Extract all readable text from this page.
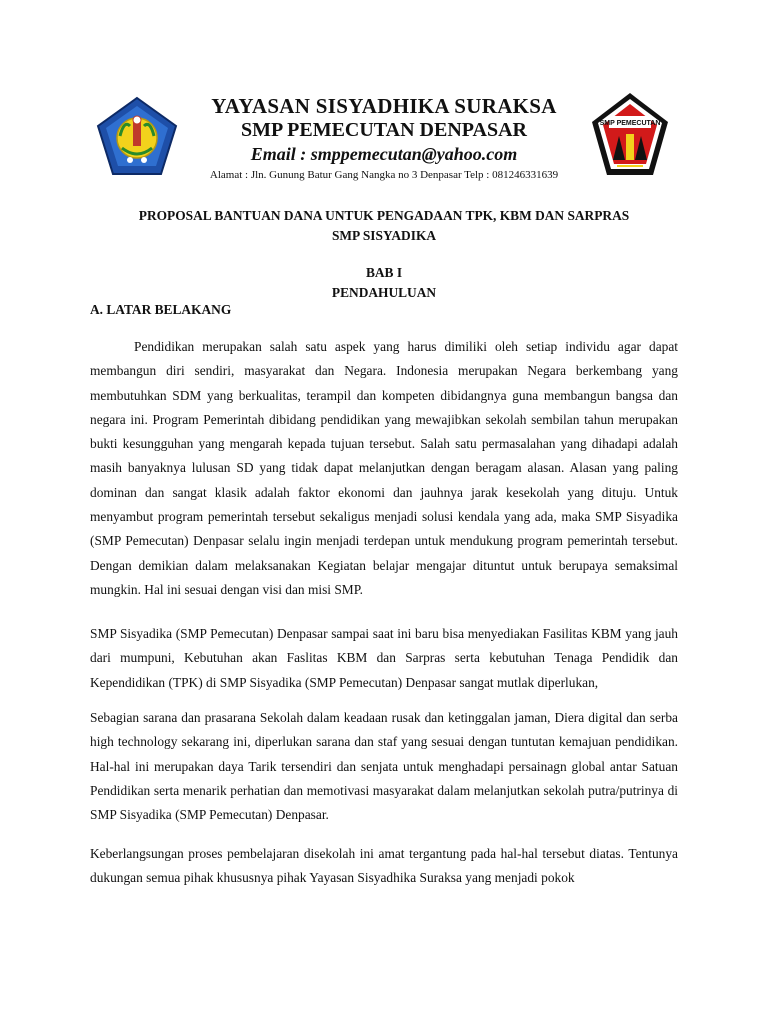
YAYASAN SISYADHIKA SURAKSA
SMP PEMECUTAN DENPASAR
Email : smppemecutan@yahoo.com
Alamat : Jln. Gunung Batur Gang Nangka no 3 Denpasar Telp : 081246331639
SMP PEMECUTAN
PROPOSAL BANTUAN DANA UNTUK PENGADAAN TPK, KBM DAN SARPRAS
SMP SISYADIKA
BAB I
PENDAHULUAN
A. LATAR BELAKANG

Pendidikan merupakan salah satu aspek yang harus dimiliki oleh setiap individu agar dapat membangun diri sendiri, masyarakat dan Negara. Indonesia merupakan Negara berkembang yang membutuhkan SDM yang berkualitas, terampil dan kompeten dibidangnya guna membangun bangsa dan negara ini. Program Pemerintah dibidang pendidikan yang mewajibkan sekolah sembilan tahun merupakan bukti kesungguhan yang mengarah kepada tujuan tersebut. Salah satu permasalahan yang dihadapi adalah masih banyaknya lulusan SD yang tidak dapat melanjutkan dengan beragam alasan. Alasan yang paling dominan dan sangat klasik adalah faktor ekonomi dan jauhnya jarak kesekolah yang dituju. Untuk menyambut program pemerintah tersebut sekaligus menjadi solusi kendala yang ada, maka SMP Sisyadika (SMP Pemecutan) Denpasar selalu ingin menjadi terdepan untuk mendukung program pemerintah tersebut. Dengan demikian dalam melaksanakan Kegiatan belajar mengajar dituntut untuk berupaya semaksimal mungkin. Hal ini sesuai dengan visi dan misi SMP.

SMP Sisyadika (SMP Pemecutan) Denpasar sampai saat ini baru bisa menyediakan Fasilitas KBM yang jauh dari mumpuni, Kebutuhan akan Faslitas KBM dan Sarpras serta kebutuhan Tenaga Pendidik dan Kependidikan (TPK) di SMP Sisyadika (SMP Pemecutan) Denpasar sangat mutlak diperlukan,

Sebagian sarana dan prasarana Sekolah dalam keadaan rusak dan ketinggalan jaman, Diera digital dan serba high technology sekarang ini, diperlukan sarana dan staf yang sesuai dengan tuntutan kemajuan pendidikan. Hal-hal ini merupakan daya Tarik tersendiri dan senjata untuk menghadapi persainagn global antar Satuan Pendidikan serta menarik perhatian dan memotivasi masyarakat dalam melanjutkan sekolah putra/putrinya di SMP Sisyadika (SMP Pemecutan) Denpasar.

Keberlangsungan proses pembelajaran disekolah ini amat tergantung pada hal-hal tersebut diatas. Tentunya dukungan semua pihak khususnya pihak Yayasan Sisyadhika Suraksa yang menjadi pokok
